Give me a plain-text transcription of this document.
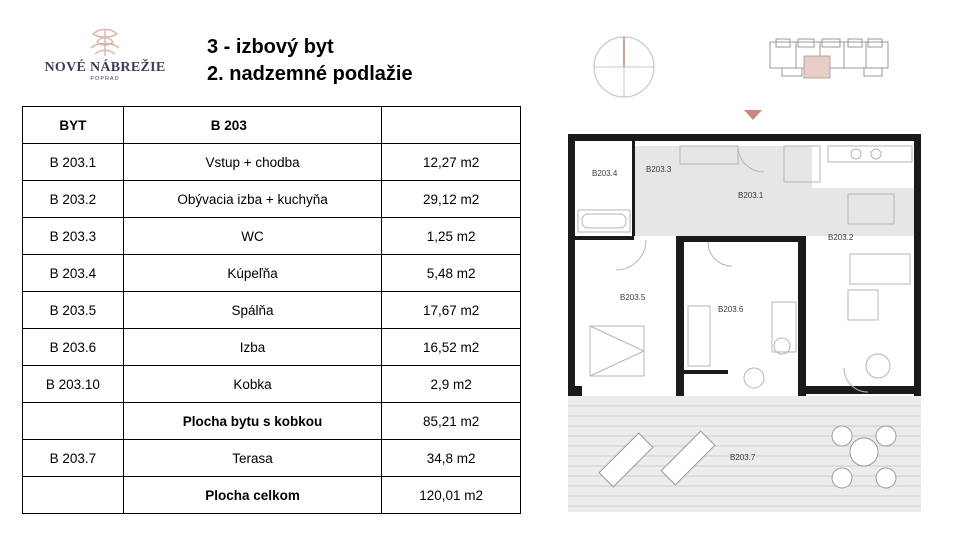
NOVÉ NÁBREŽIE
POPRAD
3 - izbový byt
2. nadzemné podlažie
BYT	B 203	
B 203.1	Vstup + chodba	12,27 m2
B 203.2	Obývacia izba + kuchyňa	29,12 m2
B 203.3	WC	1,25 m2
B 203.4	Kúpeľňa	5,48 m2
B 203.5	Spálňa	17,67 m2
B 203.6	Izba	16,52 m2
B 203.10	Kobka	2,9 m2
	Plocha bytu s kobkou	85,21 m2
B 203.7	Terasa	34,8 m2
	Plocha celkom	120,01 m2
B203.1
B203.2
B203.3
B203.4
B203.5
B203.6
B203.7
